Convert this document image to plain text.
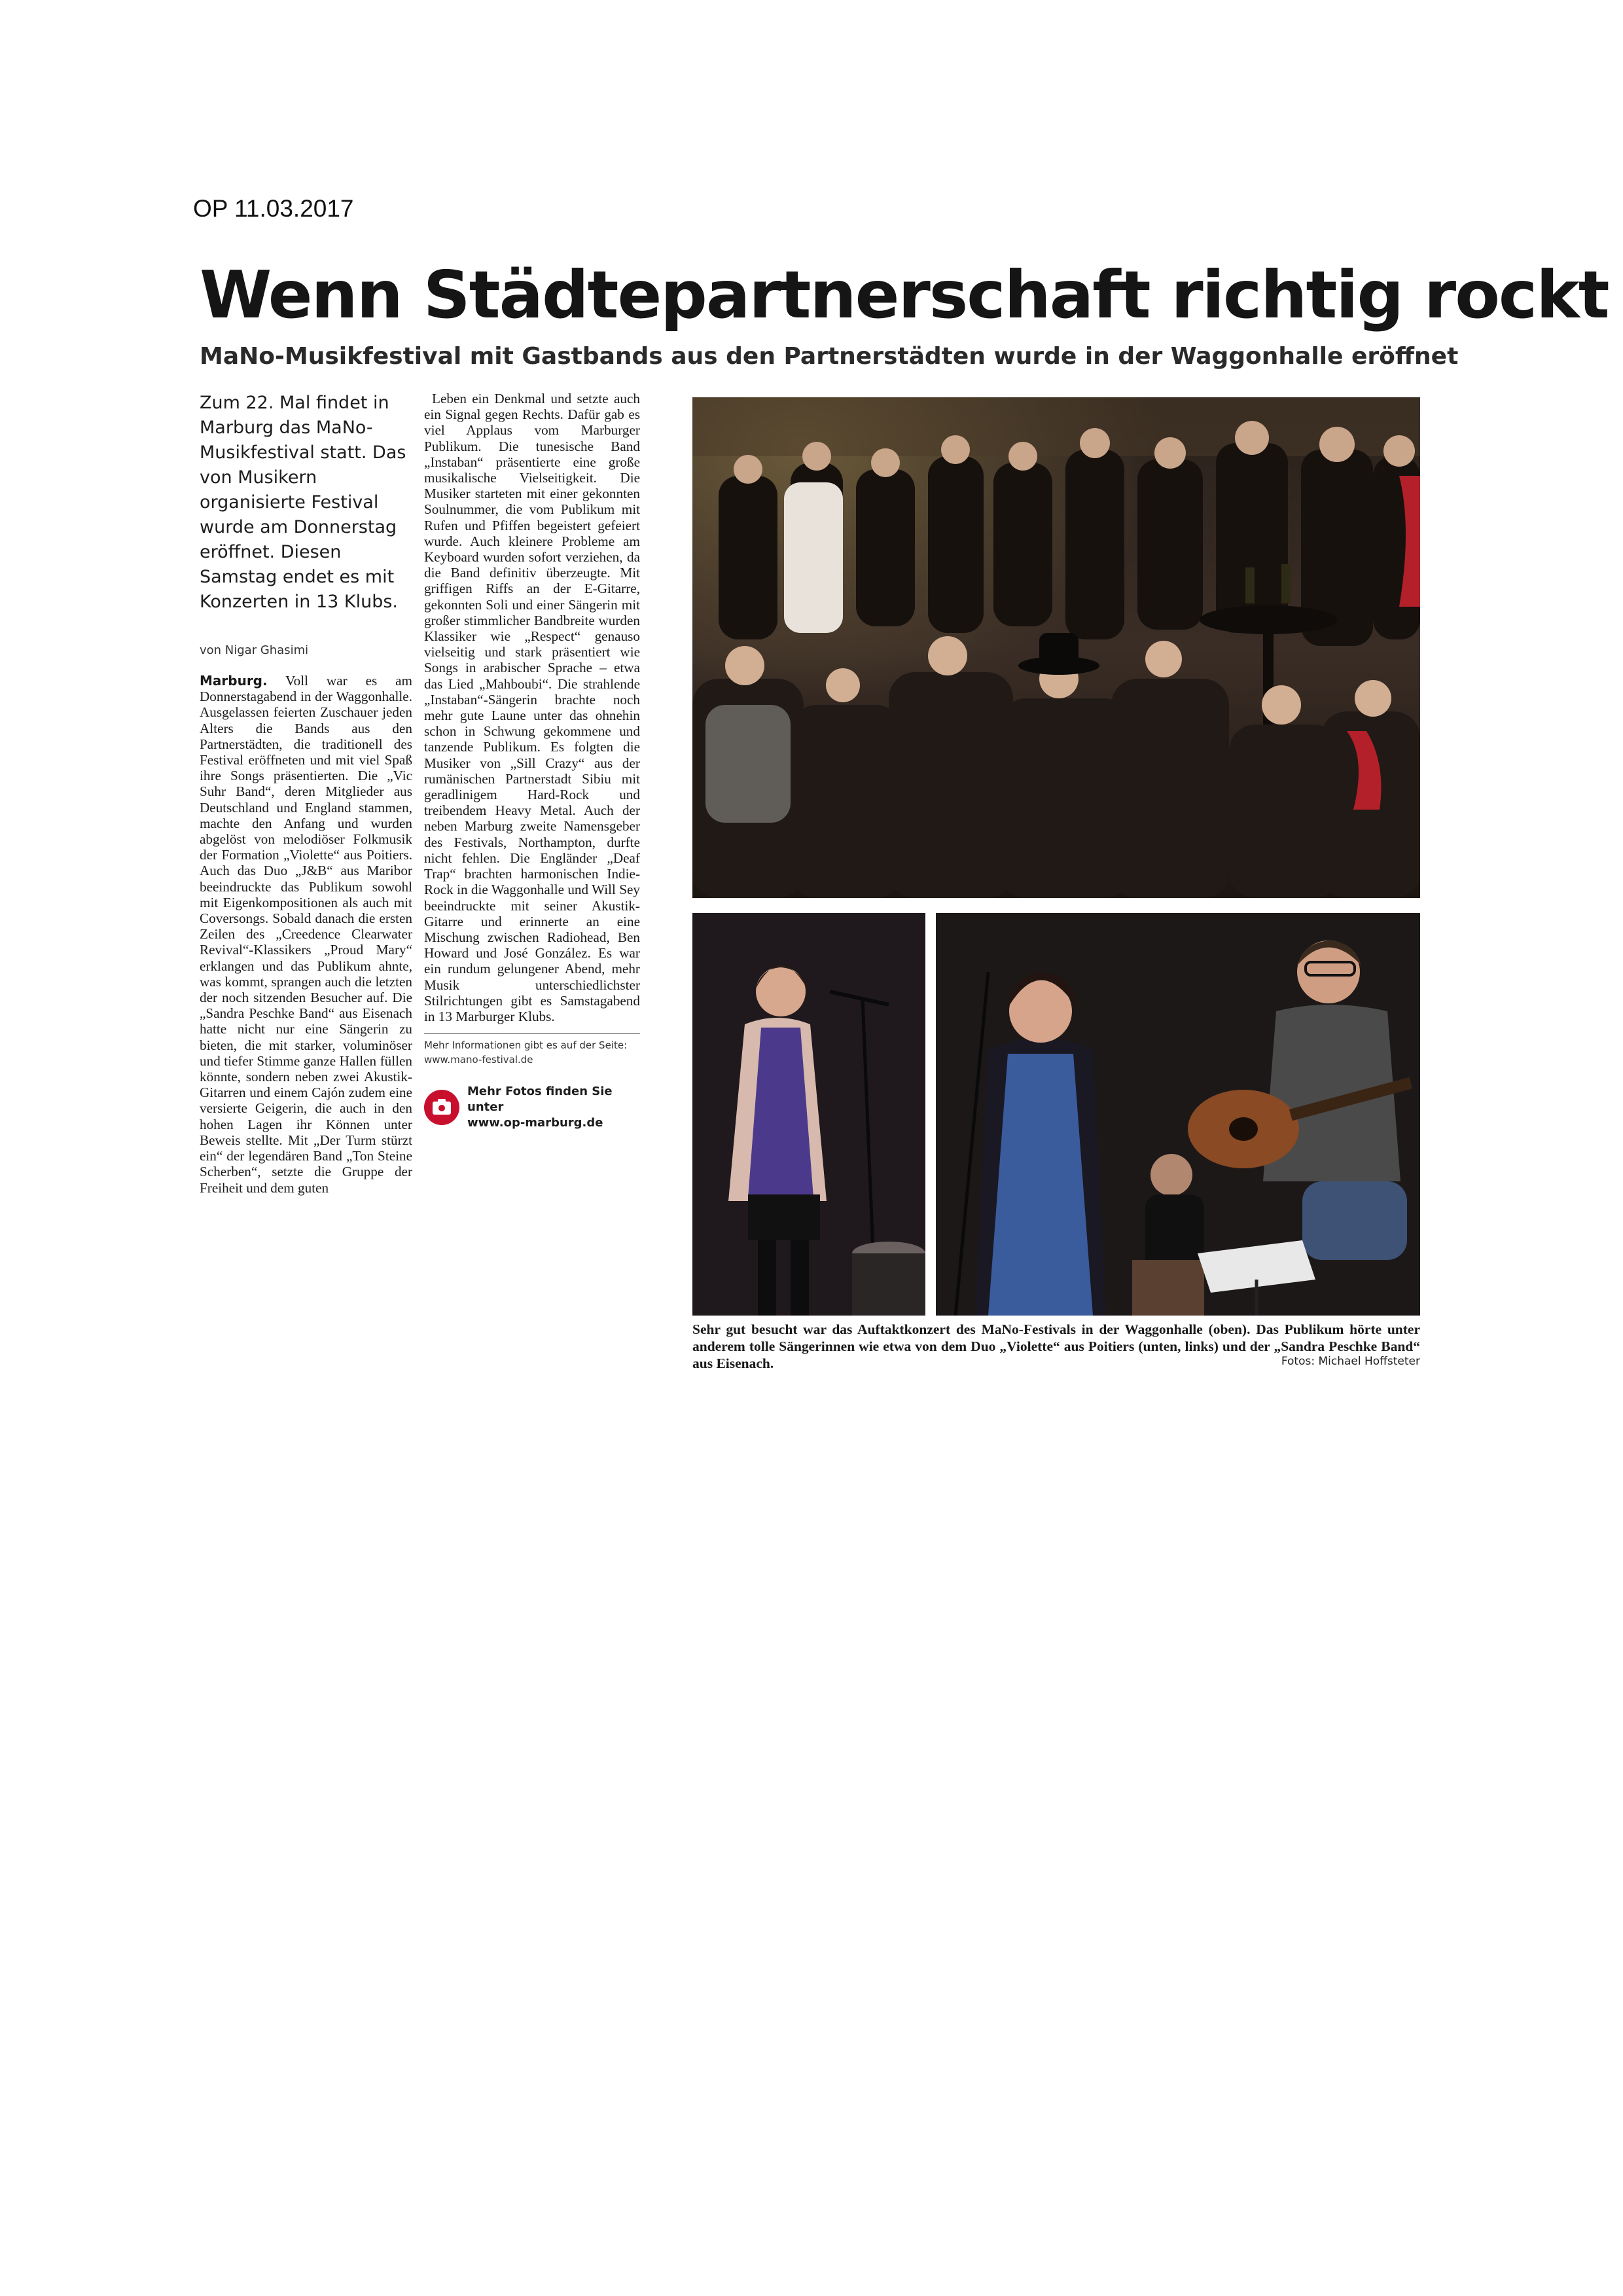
OP 11.03.2017
Wenn Städtepartnerschaft richtig rockt
MaNo-Musikfestival mit Gastbands aus den Partnerstädten wurde in der Waggonhalle eröffnet

Zum 22. Mal findet in Marburg das MaNo-Musikfestival statt. Das von Musikern organisierte Festival wurde am Donnerstag eröffnet. Diesen Samstag endet es mit Konzerten in 13 Klubs.

von Nigar Ghasimi

Marburg. Voll war es am Donnerstagabend in der Waggonhalle. Ausgelassen feierten Zuschauer jeden Alters die Bands aus den Partnerstädten, die traditionell des Festival eröffneten und mit viel Spaß ihre Songs präsentierten. Die „Vic Suhr Band“, deren Mitglieder aus Deutschland und England stammen, machte den Anfang und wurden abgelöst von melodiöser Folkmusik der Formation „Violette“ aus Poitiers. Auch das Duo „J&B“ aus Maribor beeindruckte das Publikum sowohl mit Eigenkompositionen als auch mit Coversongs. Sobald danach die ersten Zeilen des „Creedence Clearwater Revival“-Klassikers „Proud Mary“ erklangen und das Publikum ahnte, was kommt, sprangen auch die letzten der noch sitzenden Besucher auf. Die „Sandra Peschke Band“ aus Eisenach hatte nicht nur eine Sängerin zu bieten, die mit starker, voluminöser und tiefer Stimme ganze Hallen füllen könnte, sondern neben zwei Akustik-Gitarren und einem Cajón zudem eine versierte Geigerin, die auch in den hohen Lagen ihr Können unter Beweis stellte. Mit „Der Turm stürzt ein“ der legendären Band „Ton Steine Scherben“, setzte die Gruppe der Freiheit und dem guten

Leben ein Denkmal und setzte auch ein Signal gegen Rechts. Dafür gab es viel Applaus vom Marburger Publikum. Die tunesische Band „Instaban“ präsentierte eine große musikalische Vielseitigkeit. Die Musiker starteten mit einer gekonnten Soulnummer, die vom Publikum mit Rufen und Pfiffen begeistert gefeiert wurde. Auch kleinere Probleme am Keyboard wurden sofort verziehen, da die Band definitiv überzeugte. Mit griffigen Riffs an der E-Gitarre, gekonnten Soli und einer Sängerin mit großer stimmlicher Bandbreite wurden Klassiker wie „Respect“ genauso vielseitig und stark präsentiert wie Songs in arabischer Sprache – etwa das Lied „Mahboubi“. Die strahlende „Instaban“-Sängerin brachte noch mehr gute Laune unter das ohnehin schon in Schwung gekommene und tanzende Publikum. Es folgten die Musiker von „Sill Crazy“ aus der rumänischen Partnerstadt Sibiu mit geradlinigem Hard-Rock und treibendem Heavy Metal. Auch der neben Marburg zweite Namensgeber des Festivals, Northampton, durfte nicht fehlen. Die Engländer „Deaf Trap“ brachten harmonischen Indie-Rock in die Waggonhalle und Will Sey beeindruckte mit seiner Akustik-Gitarre und erinnerte an eine Mischung zwischen Radiohead, Ben Howard und José González. Es war ein rundum gelungener Abend, mehr Musik unterschiedlichster Stilrichtungen gibt es Samstagabend in 13 Marburger Klubs.

Mehr Informationen gibt es auf der Seite:

www.mano-festival.de

Mehr Fotos finden Sie unter
www.op-marburg.de

Sehr gut besucht war das Auftaktkonzert des MaNo-Festivals in der Waggonhalle (oben). Das Publikum hörte unter anderem tolle Sängerinnen wie etwa von dem Duo „Violette“ aus Poitiers (unten, links) und der „Sandra Peschke Band“ aus Eisenach.	Fotos: Michael Hoffsteter
